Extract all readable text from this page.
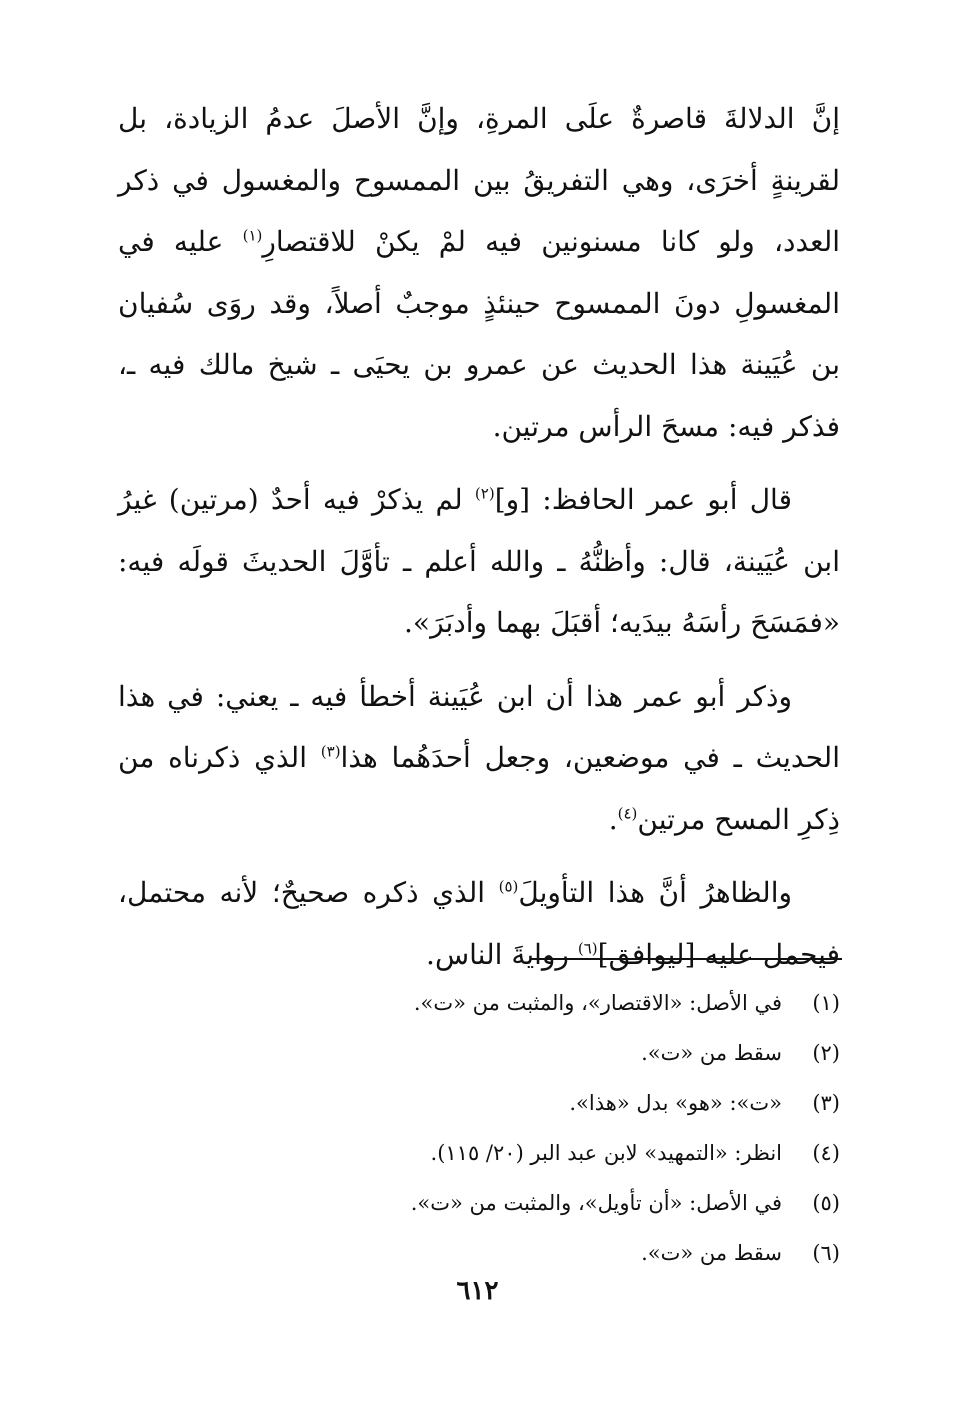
إنَّ الدلالةَ قاصرةٌ علَى المرةِ، وإنَّ الأصلَ عدمُ الزيادة، بل لقرينةٍ أخرَى، وهي التفريقُ بين الممسوح والمغسول في ذكر العدد، ولو كانا مسنونين فيه لمْ يكنْ للاقتصارِ$^{(١)}$ عليه في المغسولِ دونَ الممسوح حينئذٍ موجبٌ أصلاً، وقد روَى سُفيان بن عُيَينة هذا الحديث عن عمرو بن يحيَى ـ شيخ مالك فيه ـ، فذكر فيه: مسحَ الرأس مرتين.

قال أبو عمر الحافظ: [و]$^{(٢)}$ لم يذكرْ فيه أحدٌ (مرتين) غيرُ ابن عُيَينة، قال: وأظنُّهُ ـ والله أعلم ـ تأوَّلَ الحديثَ قولَه فيه: «فمَسَحَ رأسَهُ بيدَيه؛ أقبَلَ بهما وأدبَرَ».

وذكر أبو عمر هذا أن ابن عُيَينة أخطأ فيه ـ يعني: في هذا الحديث ـ في موضعين، وجعل أحدَهُما هذا$^{(٣)}$ الذي ذكرناه من ذِكرِ المسح مرتين$^{(٤)}$.

والظاهرُ أنَّ هذا التأويلَ$^{(٥)}$ الذي ذكره صحيحٌ؛ لأنه محتمل، فيحمل عليه [ليوافق]$^{(٦)}$ روايةَ الناس.

(١)
في الأصل: «الاقتصار»، والمثبت من «ت».
(٢)
سقط من «ت».
(٣)
«ت»: «هو» بدل «هذا».
(٤)
انظر: «التمهيد» لابن عبد البر (٢٠/ ١١٥).
(٥)
في الأصل: «أن تأويل»، والمثبت من «ت».
(٦)
سقط من «ت».
٦١٢
